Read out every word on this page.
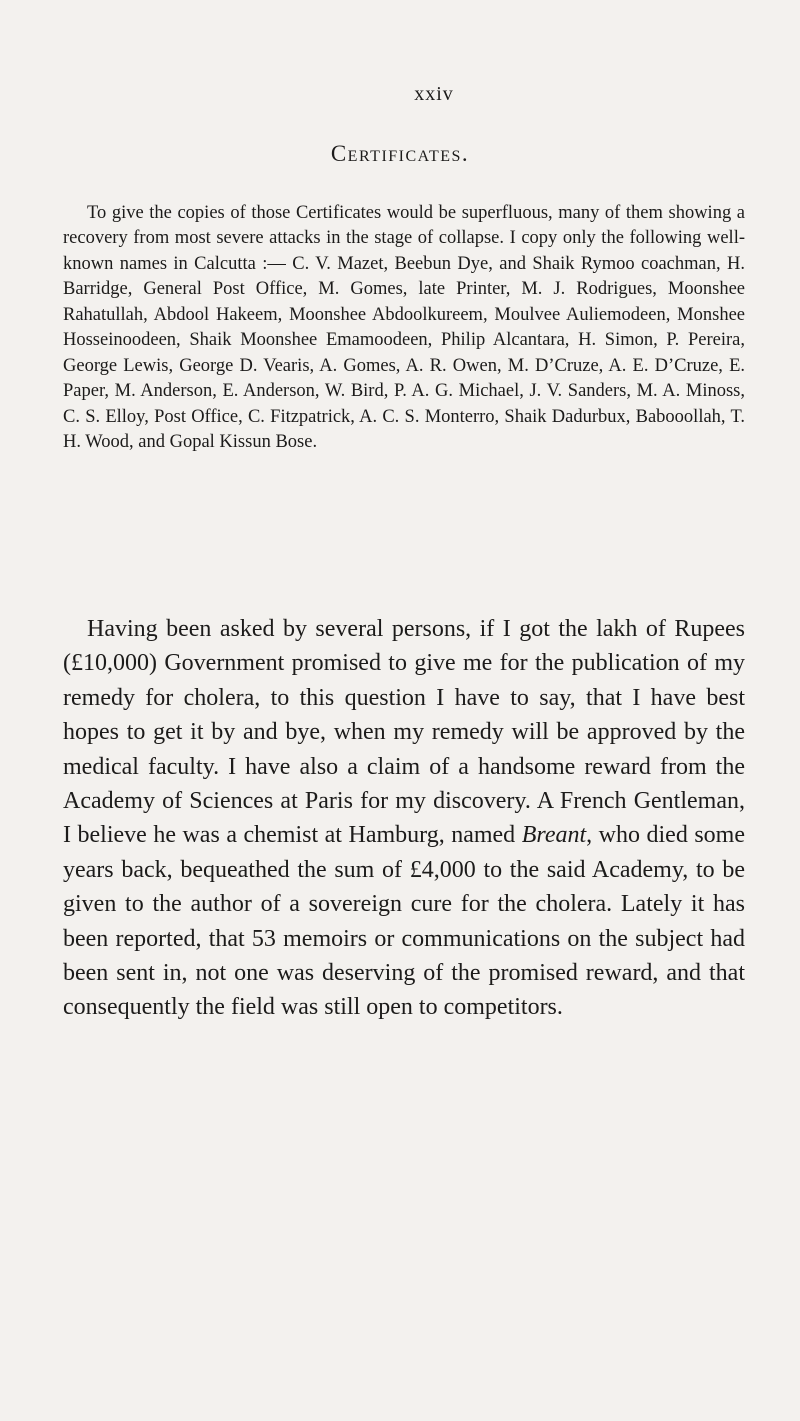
xxiv
Certificates.

To give the copies of those Certificates would be superfluous, many of them showing a recovery from most severe attacks in the stage of collapse. I copy only the following well-known names in Calcutta :— C. V. Mazet, Beebun Dye, and Shaik Rymoo coachman, H. Barridge, General Post Office, M. Gomes, late Printer, M. J. Rodrigues, Moonshee Rahatullah, Abdool Hakeem, Moonshee Abdoolkureem, Moulvee Auliemodeen, Monshee Hosseinoodeen, Shaik Moonshee Emamoodeen, Philip Alcantara, H. Simon, P. Pereira, George Lewis, George D. Vearis, A. Gomes, A. R. Owen, M. D’Cruze, A. E. D’Cruze, E. Paper, M. Anderson, E. Anderson, W. Bird, P. A. G. Michael, J. V. Sanders, M. A. Minoss, C. S. Elloy, Post Office, C. Fitzpatrick, A. C. S. Monterro, Shaik Dadurbux, Babooollah, T. H. Wood, and Gopal Kissun Bose.

Having been asked by several persons, if I got the lakh of Rupees (£10,000) Government promised to give me for the publication of my remedy for cholera, to this question I have to say, that I have best hopes to get it by and bye, when my remedy will be approved by the medical faculty. I have also a claim of a handsome reward from the Academy of Sciences at Paris for my discovery. A French Gentleman, I believe he was a chemist at Hamburg, named Breant, who died some years back, bequeathed the sum of £4,000 to the said Academy, to be given to the author of a sovereign cure for the cholera. Lately it has been reported, that 53 memoirs or communications on the subject had been sent in, not one was deserving of the promised reward, and that consequently the field was still open to competitors.
